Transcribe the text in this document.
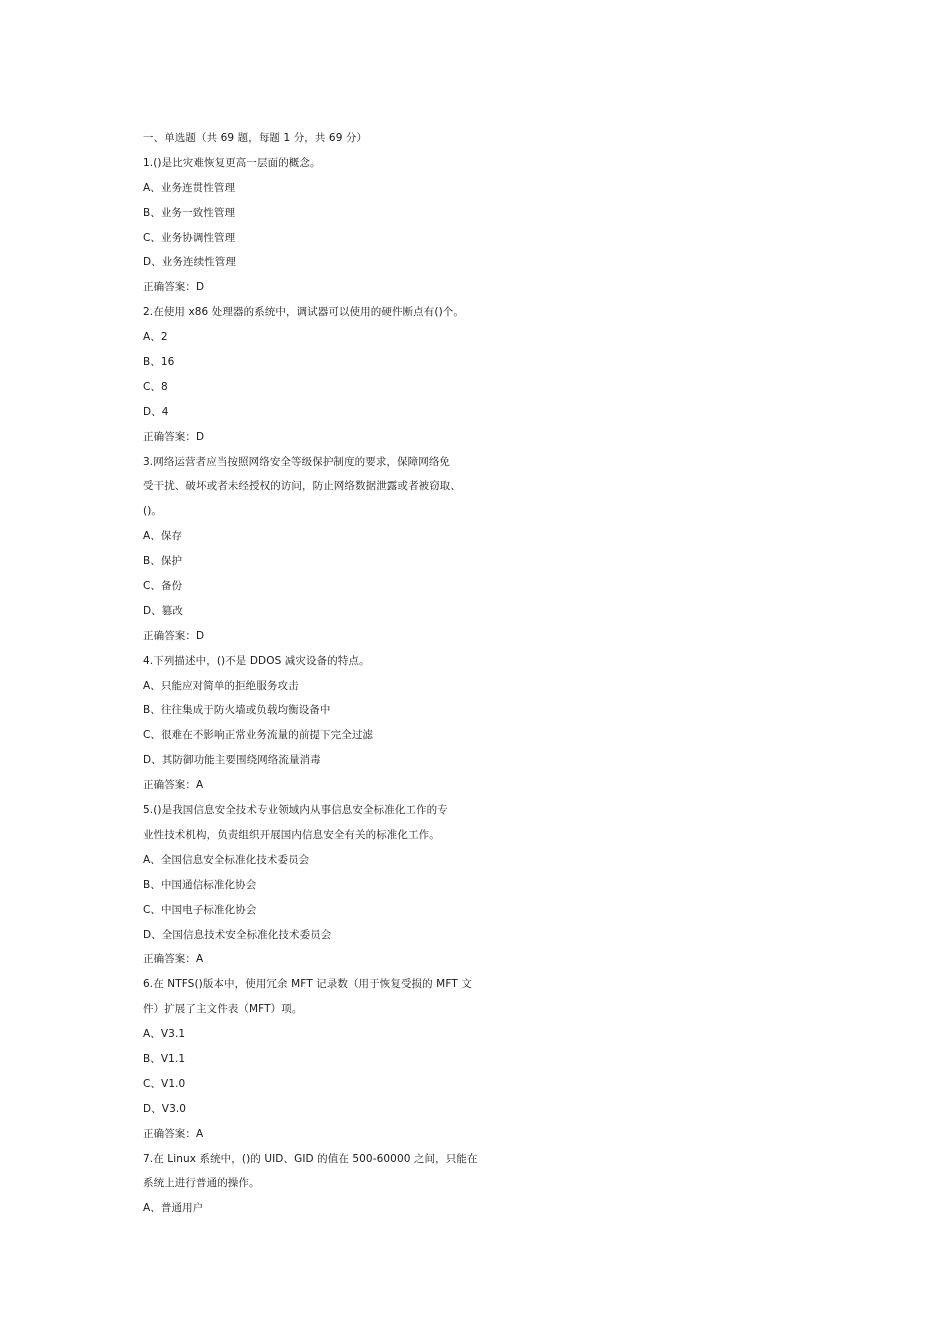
一、单选题（共 69 题，每题 1 分，共 69 分）
1.()是比灾难恢复更高一层面的概念。
A、业务连贯性管理
B、业务一致性管理
C、业务协调性管理
D、业务连续性管理
正确答案：D
2.在使用 x86 处理器的系统中，调试器可以使用的硬件断点有()个。
A、2
B、16
C、8
D、4
正确答案：D
3.网络运营者应当按照网络安全等级保护制度的要求，保障网络免
受干扰、破坏或者未经授权的访问，防止网络数据泄露或者被窃取、
()。
A、保存
B、保护
C、备份
D、篡改
正确答案：D
4.下列描述中，()不是 DDOS 减灾设备的特点。
A、只能应对简单的拒绝服务攻击
B、往往集成于防火墙或负载均衡设备中
C、很难在不影响正常业务流量的前提下完全过滤
D、其防御功能主要围绕网络流量消毒
正确答案：A
5.()是我国信息安全技术专业领域内从事信息安全标准化工作的专
业性技术机构，负责组织开展国内信息安全有关的标准化工作。
A、全国信息安全标准化技术委员会
B、中国通信标准化协会
C、中国电子标准化协会
D、全国信息技术安全标准化技术委员会
正确答案：A
6.在 NTFS()版本中，使用冗余 MFT 记录数（用于恢复受损的 MFT 文
件）扩展了主文件表（MFT）项。
A、V3.1
B、V1.1
C、V1.0
D、V3.0
正确答案：A
7.在 Linux 系统中，()的 UID、GID 的值在 500-60000 之间，只能在
系统上进行普通的操作。
A、普通用户
